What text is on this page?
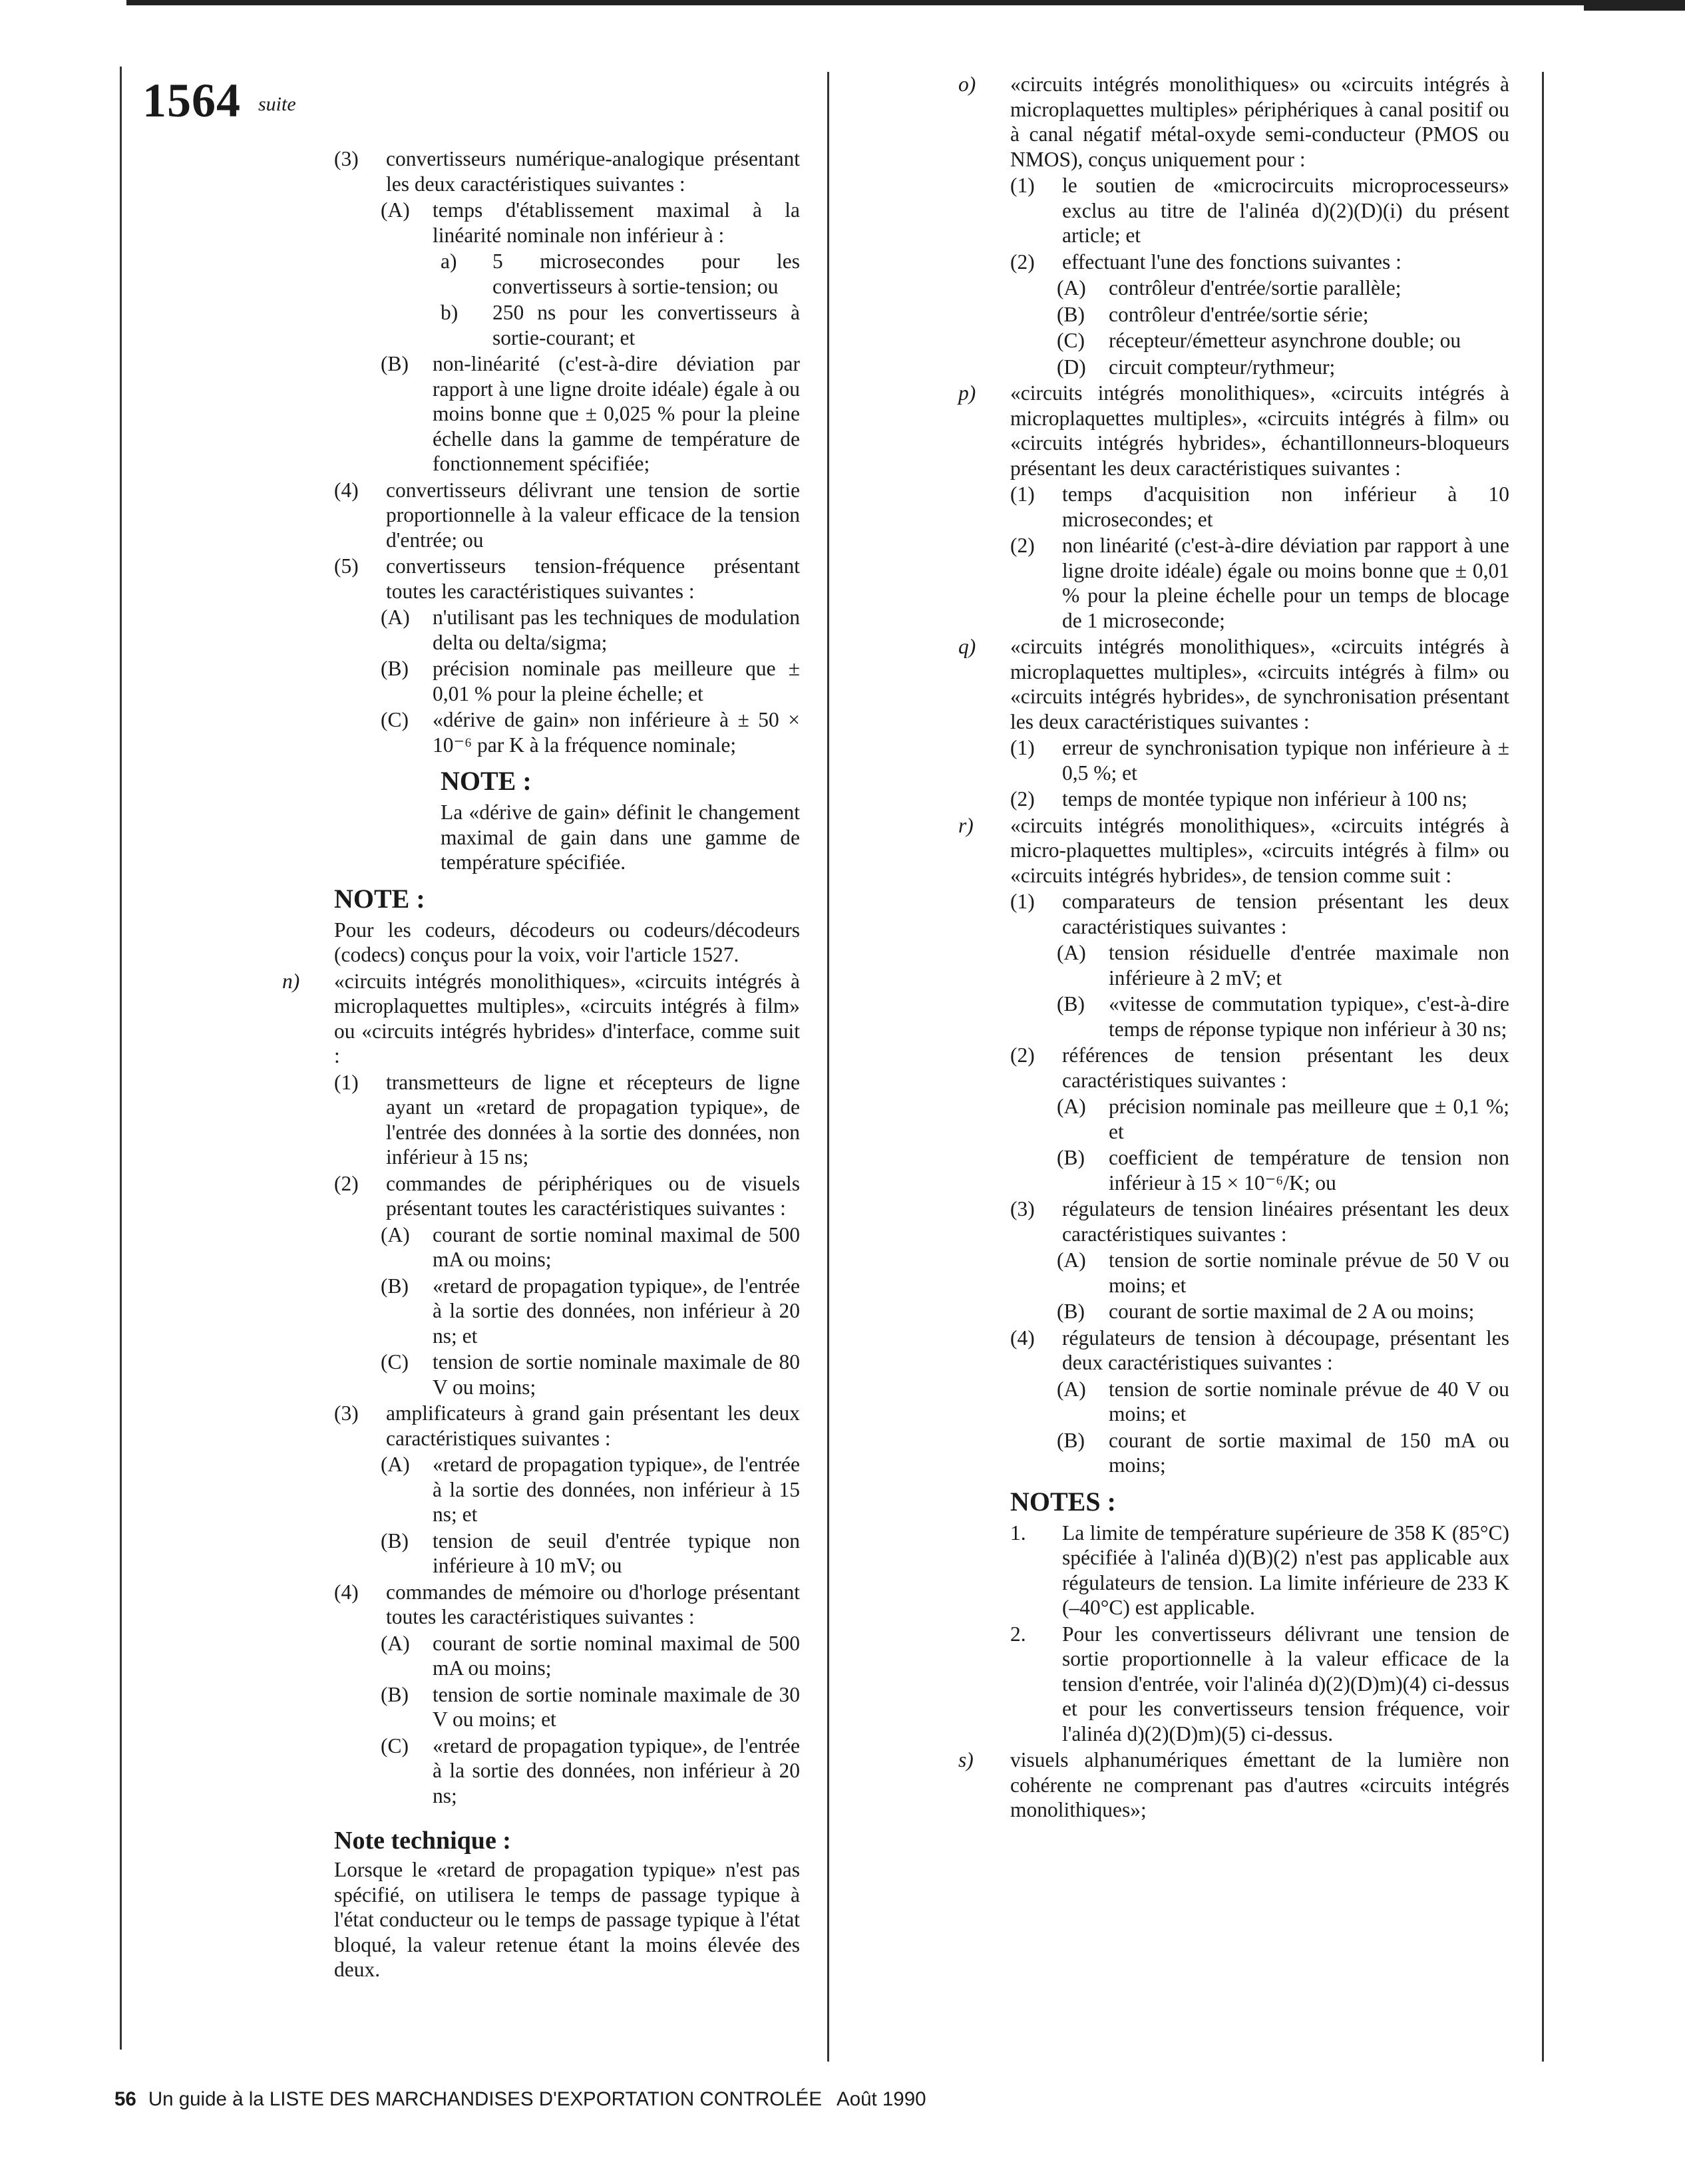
1564 suite
(3) convertisseurs numérique-analogique présentant les deux caractéristiques suivantes :
(A) temps d'établissement maximal à la linéarité nominale non inférieur à :
a) 5 microsecondes pour les convertisseurs à sortie-tension; ou
b) 250 ns pour les convertisseurs à sortie-courant; et
(B) non-linéarité (c'est-à-dire déviation par rapport à une ligne droite idéale) égale à ou moins bonne que ± 0,025 % pour la pleine échelle dans la gamme de température de fonctionnement spécifiée;
(4) convertisseurs délivrant une tension de sortie proportionnelle à la valeur efficace de la tension d'entrée; ou
(5) convertisseurs tension-fréquence présentant toutes les caractéristiques suivantes :
(A) n'utilisant pas les techniques de modulation delta ou delta/sigma;
(B) précision nominale pas meilleure que ± 0,01 % pour la pleine échelle; et
(C) «dérive de gain» non inférieure à ± 50 × 10⁻⁶ par K à la fréquence nominale;
NOTE :
La «dérive de gain» définit le changement maximal de gain dans une gamme de température spécifiée.
NOTE :
Pour les codeurs, décodeurs ou codeurs/décodeurs (codecs) conçus pour la voix, voir l'article 1527.
n) «circuits intégrés monolithiques», «circuits intégrés à microplaquettes multiples», «circuits intégrés à film» ou «circuits intégrés hybrides» d'interface, comme suit :
(1) transmetteurs de ligne et récepteurs de ligne ayant un «retard de propagation typique», de l'entrée des données à la sortie des données, non inférieur à 15 ns;
(2) commandes de périphériques ou de visuels présentant toutes les caractéristiques suivantes :
(A) courant de sortie nominal maximal de 500 mA ou moins;
(B) «retard de propagation typique», de l'entrée à la sortie des données, non inférieur à 20 ns; et
(C) tension de sortie nominale maximale de 80 V ou moins;
(3) amplificateurs à grand gain présentant les deux caractéristiques suivantes :
(A) «retard de propagation typique», de l'entrée à la sortie des données, non inférieur à 15 ns; et
(B) tension de seuil d'entrée typique non inférieure à 10 mV; ou
(4) commandes de mémoire ou d'horloge présentant toutes les caractéristiques suivantes :
(A) courant de sortie nominal maximal de 500 mA ou moins;
(B) tension de sortie nominale maximale de 30 V ou moins; et
(C) «retard de propagation typique», de l'entrée à la sortie des données, non inférieur à 20 ns;
Note technique :
Lorsque le «retard de propagation typique» n'est pas spécifié, on utilisera le temps de passage typique à l'état conducteur ou le temps de passage typique à l'état bloqué, la valeur retenue étant la moins élevée des deux.
o) «circuits intégrés monolithiques» ou «circuits intégrés à microplaquettes multiples» périphériques à canal positif ou à canal négatif métal-oxyde semi-conducteur (PMOS ou NMOS), conçus uniquement pour :
(1) le soutien de «microcircuits microprocesseurs» exclus au titre de l'alinéa d)(2)(D)(i) du présent article; et
(2) effectuant l'une des fonctions suivantes :
(A) contrôleur d'entrée/sortie parallèle;
(B) contrôleur d'entrée/sortie série;
(C) récepteur/émetteur asynchrone double; ou
(D) circuit compteur/rythmeur;
p) «circuits intégrés monolithiques», «circuits intégrés à microplaquettes multiples», «circuits intégrés à film» ou «circuits intégrés hybrides», échantillonneurs-bloqueurs présentant les deux caractéristiques suivantes :
(1) temps d'acquisition non inférieur à 10 microsecondes; et
(2) non linéarité (c'est-à-dire déviation par rapport à une ligne droite idéale) égale ou moins bonne que ± 0,01 % pour la pleine échelle pour un temps de blocage de 1 microseconde;
q) «circuits intégrés monolithiques», «circuits intégrés à microplaquettes multiples», «circuits intégrés à film» ou «circuits intégrés hybrides», de synchronisation présentant les deux caractéristiques suivantes :
(1) erreur de synchronisation typique non inférieure à ± 0,5 %; et
(2) temps de montée typique non inférieur à 100 ns;
r) «circuits intégrés monolithiques», «circuits intégrés à micro-plaquettes multiples», «circuits intégrés à film» ou «circuits intégrés hybrides», de tension comme suit :
(1) comparateurs de tension présentant les deux caractéristiques suivantes :
(A) tension résiduelle d'entrée maximale non inférieure à 2 mV; et
(B) «vitesse de commutation typique», c'est-à-dire temps de réponse typique non inférieur à 30 ns;
(2) références de tension présentant les deux caractéristiques suivantes :
(A) précision nominale pas meilleure que ± 0,1 %; et
(B) coefficient de température de tension non inférieur à 15 × 10⁻⁶/K; ou
(3) régulateurs de tension linéaires présentant les deux caractéristiques suivantes :
(A) tension de sortie nominale prévue de 50 V ou moins; et
(B) courant de sortie maximal de 2 A ou moins;
(4) régulateurs de tension à découpage, présentant les deux caractéristiques suivantes :
(A) tension de sortie nominale prévue de 40 V ou moins; et
(B) courant de sortie maximal de 150 mA ou moins;
NOTES :
1. La limite de température supérieure de 358 K (85°C) spécifiée à l'alinéa d)(B)(2) n'est pas applicable aux régulateurs de tension. La limite inférieure de 233 K (–40°C) est applicable.
2. Pour les convertisseurs délivrant une tension de sortie proportionnelle à la valeur efficace de la tension d'entrée, voir l'alinéa d)(2)(D)m)(4) ci-dessus et pour les convertisseurs tension fréquence, voir l'alinéa d)(2)(D)m)(5) ci-dessus.
s) visuels alphanumériques émettant de la lumière non cohérente ne comprenant pas d'autres «circuits intégrés monolithiques»;
56 Un guide à la LISTE DES MARCHANDISES D'EXPORTATION CONTROLÉE Août 1990
